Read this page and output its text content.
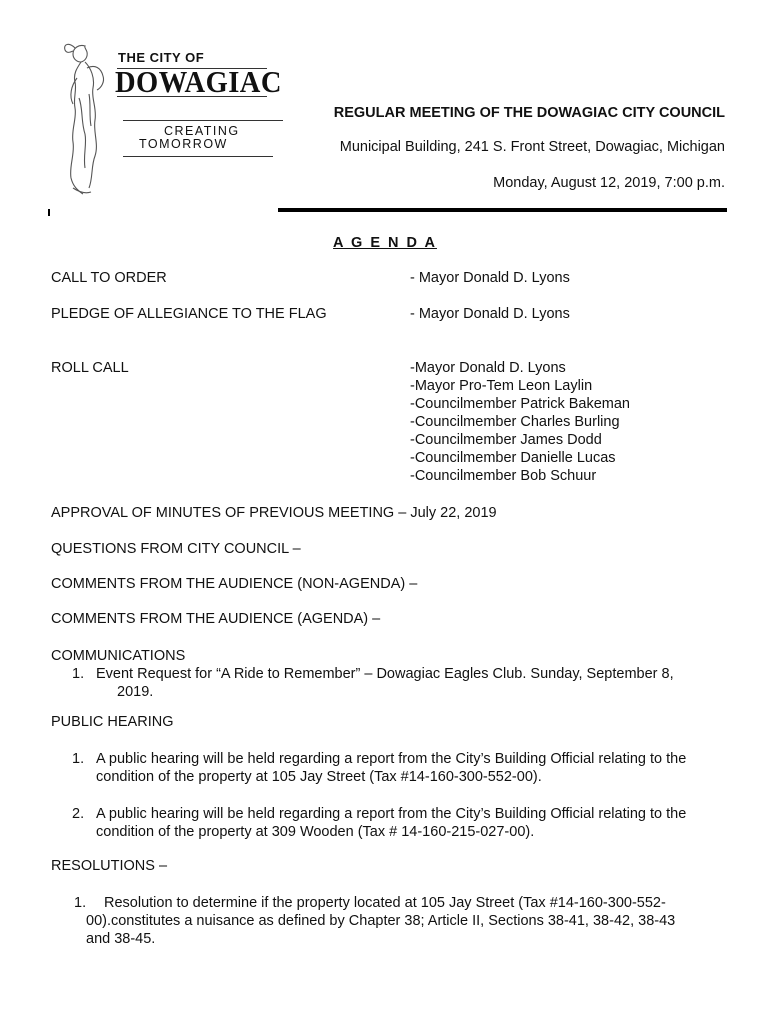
THE CITY OF
DOWAGIAC
CREATING
TOMORROW
REGULAR MEETING OF THE DOWAGIAC CITY COUNCIL
Municipal Building, 241 S. Front Street, Dowagiac, Michigan
Monday, August 12, 2019, 7:00 p.m.
A G E N D A
CALL TO ORDER	- Mayor Donald D. Lyons
PLEDGE OF ALLEGIANCE TO THE FLAG	- Mayor Donald D. Lyons
ROLL CALL	-Mayor Donald D. Lyons
-Mayor Pro-Tem Leon Laylin
-Councilmember Patrick Bakeman
-Councilmember Charles Burling
-Councilmember James Dodd
-Councilmember Danielle Lucas
-Councilmember Bob Schuur
APPROVAL OF MINUTES OF PREVIOUS MEETING – July 22, 2019
QUESTIONS FROM CITY COUNCIL –
COMMENTS FROM THE AUDIENCE (NON-AGENDA) –
COMMENTS FROM THE AUDIENCE (AGENDA) –
COMMUNICATIONS
1. Event Request for “A Ride to Remember” – Dowagiac Eagles Club. Sunday, September 8,
2019.
PUBLIC HEARING
1. A public hearing will be held regarding a report from the City’s Building Official relating to the
condition of the property at 105 Jay Street (Tax #14-160-300-552-00).
2. A public hearing will be held regarding a report from the City’s Building Official relating to the
condition of the property at 309 Wooden (Tax # 14-160-215-027-00).
RESOLUTIONS –
1. Resolution to determine if the property located at 105 Jay Street (Tax #14-160-300-552-
00).constitutes a nuisance as defined by Chapter 38; Article II, Sections 38-41, 38-42, 38-43
and 38-45.
